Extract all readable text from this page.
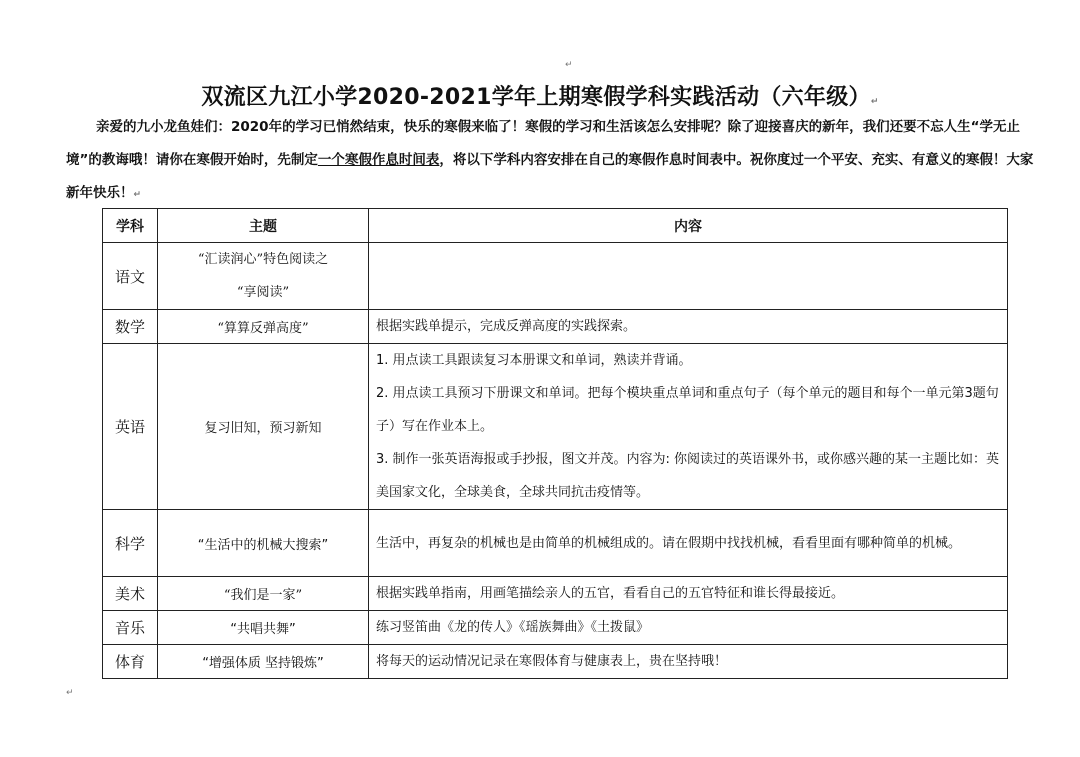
↵
↵
双流区九江小学2020-2021学年上期寒假学科实践活动（六年级）↵
亲爱的九小龙鱼娃们：2020年的学习已悄然结束，快乐的寒假来临了！寒假的学习和生活该怎么安排呢？除了迎接喜庆的新年，我们还要不忘人生“学无止境”的教诲哦！请你在寒假开始时，先制定一个寒假作息时间表，将以下学科内容安排在自己的寒假作息时间表中。祝你度过一个平安、充实、有意义的寒假！大家新年快乐！↵
学科	主题	内容
语文	“汇读润心”特色阅读之
“享阅读”	

数学	“算算反弹高度”	根据实践单提示，完成反弹高度的实践探索。
英语	复习旧知，预习新知	1. 用点读工具跟读复习本册课文和单词，熟读并背诵。
2. 用点读工具预习下册课文和单词。把每个模块重点单词和重点句子（每个单元的题目和每个一单元第3题句子）写在作业本上。
3. 制作一张英语海报或手抄报，图文并茂。内容为: 你阅读过的英语课外书，或你感兴趣的某一主题比如：英美国家文化，全球美食，全球共同抗击疫情等。

科学	“生活中的机械大搜索”	生活中，再复杂的机械也是由简单的机械组成的。请在假期中找找机械，看看里面有哪种简单的机械。
美术	“我们是一家”	根据实践单指南，用画笔描绘亲人的五官，看看自己的五官特征和谁长得最接近。
音乐	“共唱共舞”	练习竖笛曲《龙的传人》《瑶族舞曲》《土拨鼠》
体育	“增强体质 坚持锻炼”	将每天的运动情况记录在寒假体育与健康表上，贵在坚持哦！
